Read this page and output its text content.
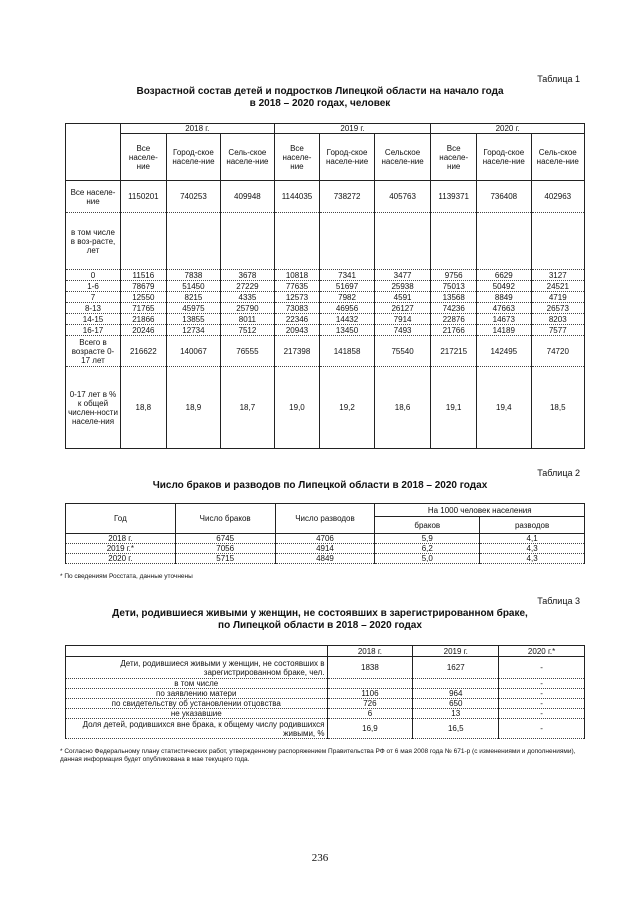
Таблица 1
Возрастной состав детей и подростков Липецкой области на начало года
в 2018 – 2020 годах, человек
	2018 г.			2019 г.			2020 г.		
	Все населе-ние	Город-ское населе-ние	Сель-ское населе-ние	Все населе-ние	Город-ское населе-ние	Сельское населе-ние	Все населе-ние	Город-ское населе-ние	Сель-ское населе-ние
Все населе-ние	1150201	740253	409948	1144035	738272	405763	1139371	736408	402963
в том числе в воз-расте, лет									
0	11516	7838	3678	10818	7341	3477	9756	6629	3127
1-6	78679	51450	27229	77635	51697	25938	75013	50492	24521
7	12550	8215	4335	12573	7982	4591	13568	8849	4719
8-13	71765	45975	25790	73083	46956	26127	74236	47663	26573
14-15	21866	13855	8011	22346	14432	7914	22876	14673	8203
16-17	20246	12734	7512	20943	13450	7493	21766	14189	7577
Всего в возрасте 0-17 лет	216622	140067	76555	217398	141858	75540	217215	142495	74720
0-17 лет в % к общей числен-ности населе-ния	18,8	18,9	18,7	19,0	19,2	18,6	19,1	19,4	18,5
Таблица 2
Число браков и разводов по Липецкой области в 2018 – 2020 годах
Год	Число браков	Число разводов	На 1000 человек населения	
			браков	разводов
2018 г.	6745	4706	5,9	4,1
2019 г.*	7056	4914	6,2	4,3
2020 г.	5715	4849	5,0	4,3
* По сведениям Росстата, данные уточнены
Таблица 3
Дети, родившиеся живыми у женщин, не состоявших в зарегистрированном браке,
по Липецкой области в 2018 – 2020 годах
	2018 г.	2019 г.	2020 г.*
Дети, родившиеся живыми у женщин, не состоявших в зарегистрированном браке, чел.	1838	1627	-
в том числе			-
по заявлению матери	1106	964	-
по свидетельству об установлении отцовства	726	650	-
не указавшие	6	13	-
Доля детей, родившихся вне брака, к общему числу родившихся живыми, %	16,9	16,5	-
* Согласно Федеральному плану статистических работ, утвержденному распоряжением Правительства РФ от 6 мая 2008 года № 671-р (с изменениями и дополнениями), данная информация будет опубликована в мае текущего года.
236
